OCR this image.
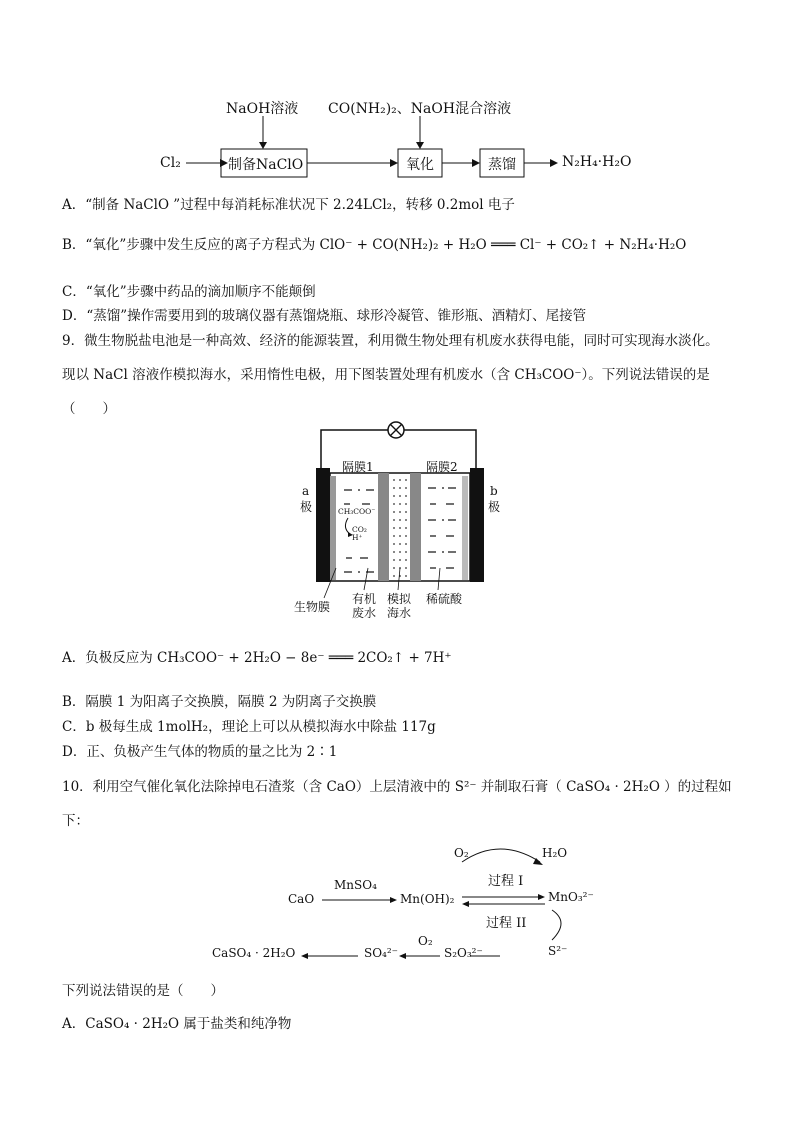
NaOH溶液 CO(NH₂)₂、NaOH混合溶液
Cl₂	制备NaClO	氧化	蒸馏	N₂H₄·H₂O
A．“制备 NaClO ”过程中每消耗标准状况下 2.24LCl₂，转移 0.2mol 电子
B．“氧化”步骤中发生反应的离子方程式为 ClO⁻ + CO(NH₂)₂ + H₂O ═══ Cl⁻ + CO₂↑ + N₂H₄·H₂O
C．“氧化”步骤中药品的滴加顺序不能颠倒
D．“蒸馏”操作需要用到的玻璃仪器有蒸馏烧瓶、球形冷凝管、锥形瓶、酒精灯、尾接管
9．微生物脱盐电池是一种高效、经济的能源装置，利用微生物处理有机废水获得电能，同时可实现海水淡化。
现以 NaCl 溶液作模拟海水，采用惰性电极，用下图装置处理有机废水（含 CH₃COO⁻）。下列说法错误的是
（　　）
隔膜1	隔膜2
a
极
b
极
CH₃COO⁻
CO₂
H⁺
生物膜
有机
废水
模拟
海水
稀硫酸
A．负极反应为 CH₃COO⁻ + 2H₂O − 8e⁻ ═══ 2CO₂↑ + 7H⁺
B．隔膜 1 为阳离子交换膜，隔膜 2 为阴离子交换膜
C．b 极每生成 1molH₂，理论上可以从模拟海水中除盐 117g
D．正、负极产生气体的物质的量之比为 2∶1
10．利用空气催化氧化法除掉电石渣浆（含 CaO）上层清液中的 S²⁻ 并制取石膏（ CaSO₄ · 2H₂O ）的过程如
下：
O₂	H₂O
过程 I
过程 II
CaO
MnSO₄
Mn(OH)₂	MnO₃²⁻
CaSO₄ · 2H₂O	SO₄²⁻
O₂
S₂O₃²⁻	S²⁻
下列说法错误的是（　　）
A．CaSO₄ · 2H₂O 属于盐类和纯净物
